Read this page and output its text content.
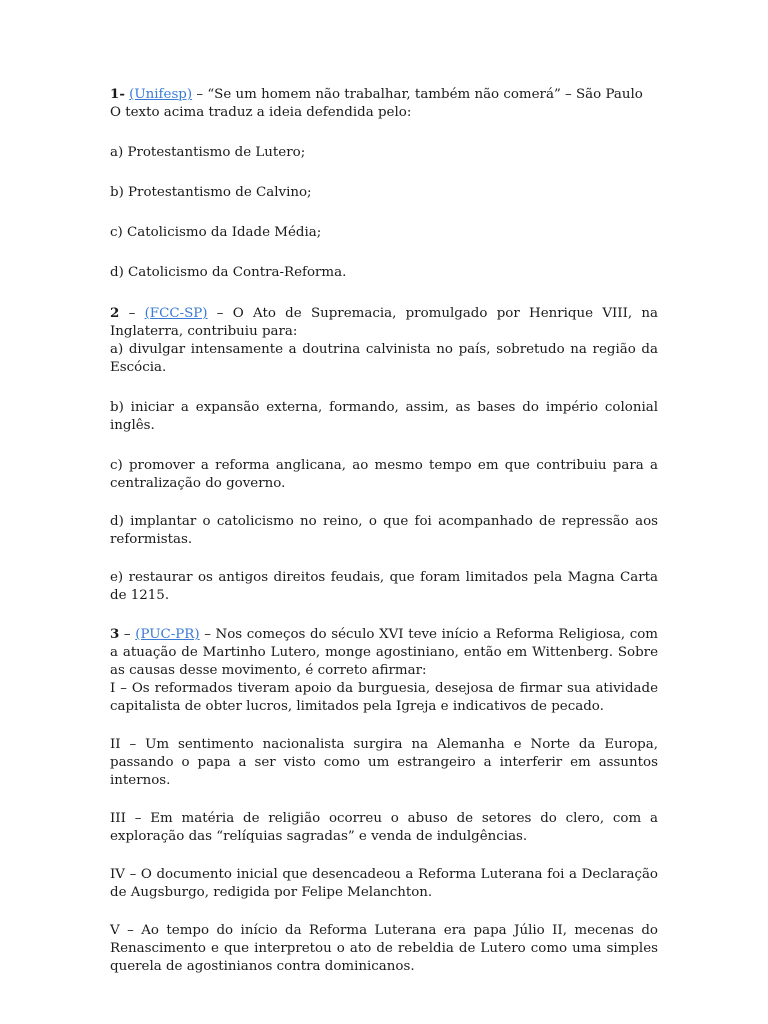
1- (Unifesp) – “Se um homem não trabalhar, também não comerá” – São Paulo

O texto acima traduz a ideia defendida pelo:

a) Protestantismo de Lutero;

b) Protestantismo de Calvino;

c) Catolicismo da Idade Média;

d) Catolicismo da Contra-Reforma.

2 – (FCC-SP) – O Ato de Supremacia, promulgado por Henrique VIII, na Inglaterra, contribuiu para:

a) divulgar intensamente a doutrina calvinista no país, sobretudo na região da Escócia.

b) iniciar a expansão externa, formando, assim, as bases do império colonial inglês.

c) promover a reforma anglicana, ao mesmo tempo em que contribuiu para a centralização do governo.

d) implantar o catolicismo no reino, o que foi acompanhado de repressão aos reformistas.

e) restaurar os antigos direitos feudais, que foram limitados pela Magna Carta de 1215.

3 – (PUC-PR) – Nos começos do século XVI teve início a Reforma Religiosa, com a atuação de Martinho Lutero, monge agostiniano, então em Wittenberg. Sobre as causas desse movimento, é correto afirmar:

I – Os reformados tiveram apoio da burguesia, desejosa de firmar sua atividade capitalista de obter lucros, limitados pela Igreja e indicativos de pecado.

II – Um sentimento nacionalista surgira na Alemanha e Norte da Europa, passando o papa a ser visto como um estrangeiro a interferir em assuntos internos.

III – Em matéria de religião ocorreu o abuso de setores do clero, com a exploração das “relíquias sagradas” e venda de indulgências.

IV – O documento inicial que desencadeou a Reforma Luterana foi a Declaração de Augsburgo, redigida por Felipe Melanchton.

V – Ao tempo do início da Reforma Luterana era papa Júlio II, mecenas do Renascimento e que interpretou o ato de rebeldia de Lutero como uma simples querela de agostinianos contra dominicanos.
